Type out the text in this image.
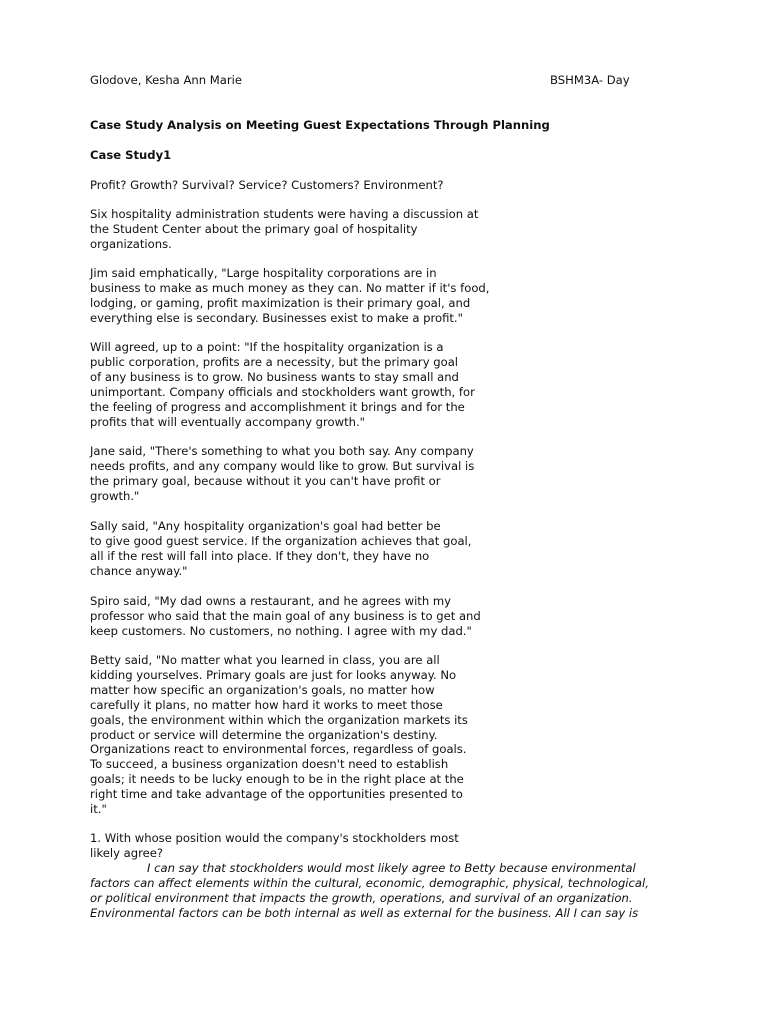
Glodove, Kesha Ann Marie	BSHM3A- Day
Case Study Analysis on Meeting Guest Expectations Through Planning
Case Study1
Profit? Growth? Survival? Service? Customers? Environment?
Six hospitality administration students were having a discussion at
the Student Center about the primary goal of hospitality
organizations.
Jim said emphatically, "Large hospitality corporations are in
business to make as much money as they can. No matter if it's food,
lodging, or gaming, profit maximization is their primary goal, and
everything else is secondary. Businesses exist to make a profit."
Will agreed, up to a point: "If the hospitality organization is a
public corporation, profits are a necessity, but the primary goal
of any business is to grow. No business wants to stay small and
unimportant. Company officials and stockholders want growth, for
the feeling of progress and accomplishment it brings and for the
profits that will eventually accompany growth."
Jane said, "There's something to what you both say. Any company
needs profits, and any company would like to grow. But survival is
the primary goal, because without it you can't have profit or
growth."
Sally said, "Any hospitality organization's goal had better be
to give good guest service. If the organization achieves that goal,
all if the rest will fall into place. If they don't, they have no
chance anyway."
Spiro said, "My dad owns a restaurant, and he agrees with my
professor who said that the main goal of any business is to get and
keep customers. No customers, no nothing. I agree with my dad."
Betty said, "No matter what you learned in class, you are all
kidding yourselves. Primary goals are just for looks anyway. No
matter how specific an organization's goals, no matter how
carefully it plans, no matter how hard it works to meet those
goals, the environment within which the organization markets its
product or service will determine the organization's destiny.
Organizations react to environmental forces, regardless of goals.
To succeed, a business organization doesn't need to establish
goals; it needs to be lucky enough to be in the right place at the
right time and take advantage of the opportunities presented to
it."
1. With whose position would the company's stockholders most
likely agree?
I can say that stockholders would most likely agree to Betty because environmental
factors can affect elements within the cultural, economic, demographic, physical, technological,
or political environment that impacts the growth, operations, and survival of an organization.
Environmental factors can be both internal as well as external for the business. All I can say is
